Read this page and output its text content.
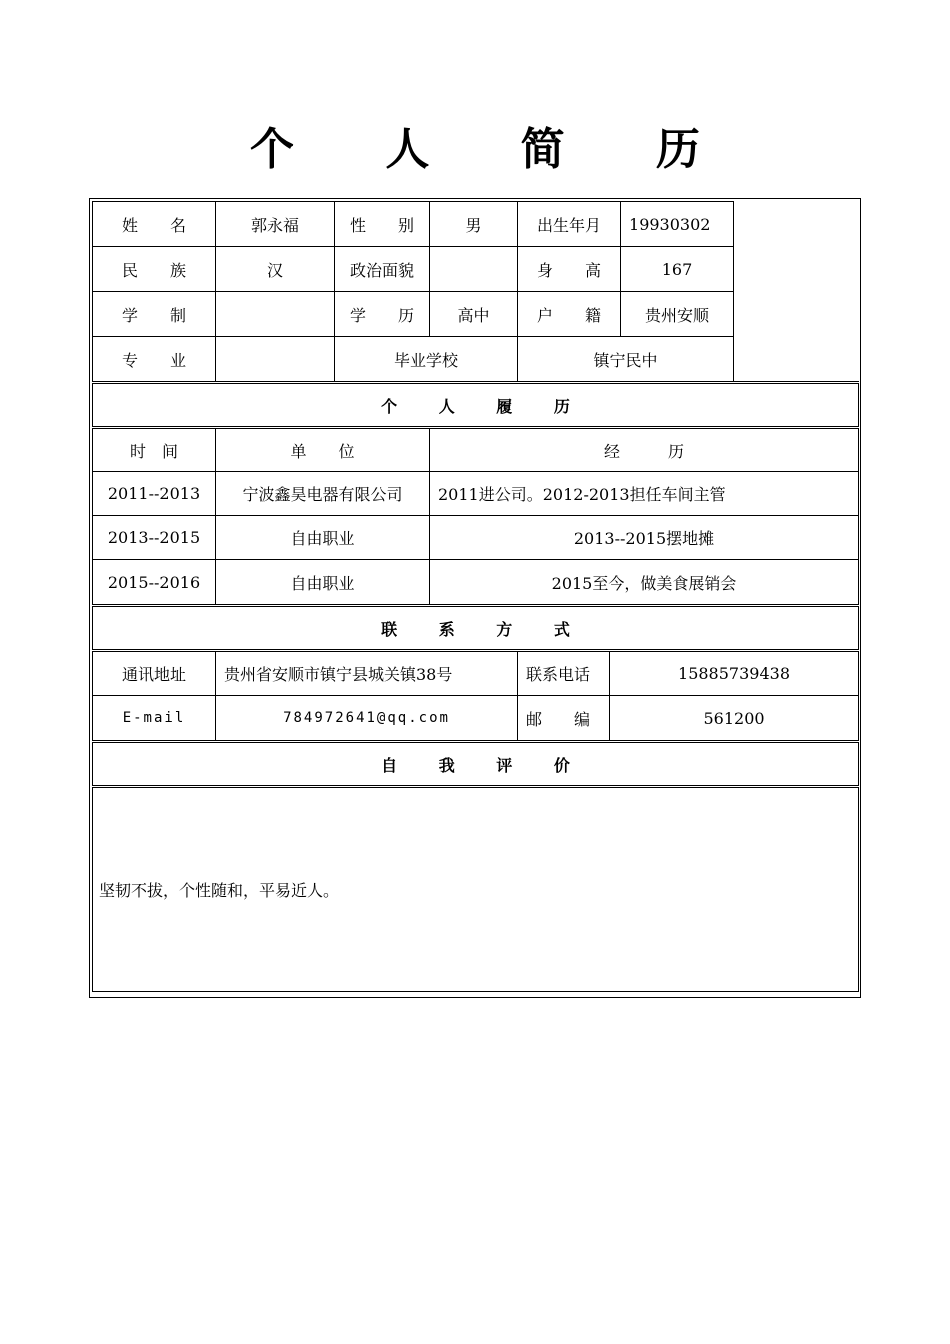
个 人 简 历
姓　　名	郭永福	性　　别	男	出生年月		19930302	
民　　族	汉	政治面貌		身　　高		167	
学　　制		学　　历	高中	户　　籍		贵州安顺	
专　　业		毕业学校		镇宁民中			
个 人 履 历							
时　间	单　　位		经　　　历				
2011--2013	宁波鑫昊电器有限公司		2011进公司。2012-2013担任车间主管				
2013--2015	自由职业		2013--2015摆地摊				
2015--2016	自由职业		2015至今，做美食展销会				
联 系 方 式							
通讯地址	贵州省安顺市镇宁县城关镇38号			联系电话	15885739438		
E-mail	784972641@qq.com			邮　　编	561200		
自 我 评 价							
坚韧不拔，个性随和，平易近人。							
